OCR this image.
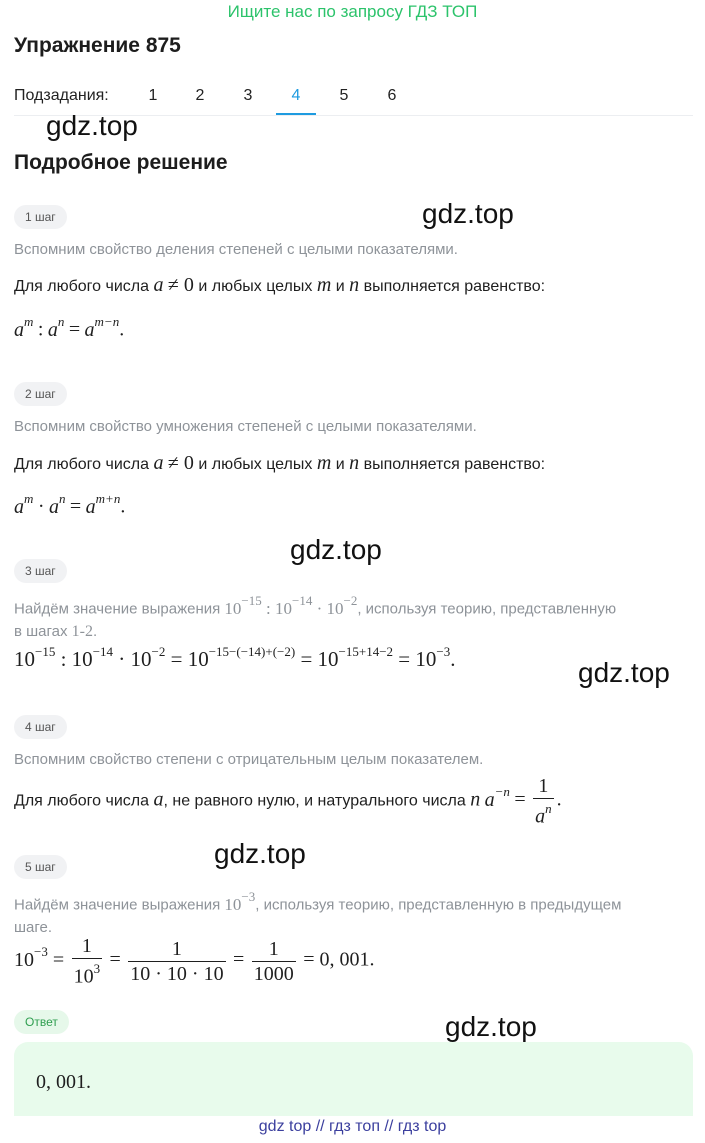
Ищите нас по запросу ГДЗ ТОП
Упражнение 875
Подзадания:	1	2	3	4	5	6
gdz.top
Подробное решение
gdz.top
1 шаг
Вспомним свойство деления степеней с целыми показателями.
Для любого числа a ≠ 0 и любых целых m и n выполняется равенство:
$a^m$ : $a^n = a^{m-n}$.
2 шаг
Вспомним свойство умножения степеней с целыми показателями.
Для любого числа a ≠ 0 и любых целых m и n выполняется равенство:
$a^m \cdot a^n = a^{m+n}$.
gdz.top
3 шаг
Найдём значение выражения $10^{-15}$ : $10^{-14} \cdot 10^{-2}$, используя теорию, представленную
в шагах 1-2.
$10^{-15}$ : $10^{-14} \cdot 10^{-2} = 10^{-15-(-14)+(-2)} = 10^{-15+14-2} = 10^{-3}$.	gdz.top
4 шаг
Вспомним свойство степени с отрицательным целым показателем.
Для любого числа a, не равного нулю, и натурального числа n $a^{-n} = \frac{1}{a^n}$ .
gdz.top
5 шаг
Найдём значение выражения $10^{-3}$, используя теорию, представленную в предыдущем
шаге.
$10^{-3} = \frac{1}{10^3} = \frac{1}{10 \cdot 10 \cdot 10} = \frac{1}{1000} = 0$, 001.
gdz.top
Ответ
0, 001.
gdz top // гдз топ // гдз top
